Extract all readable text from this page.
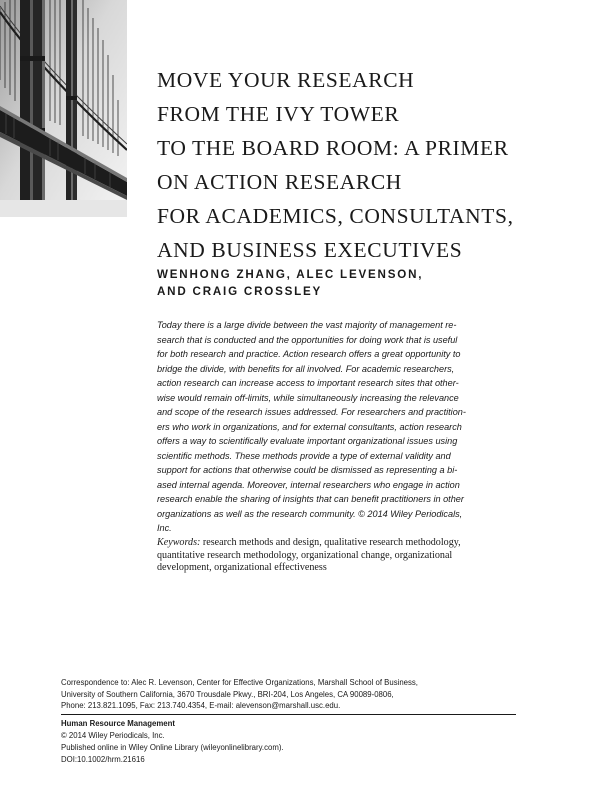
MOVE YOUR RESEARCH
FROM THE IVY TOWER
TO THE BOARD ROOM: A PRIMER
ON ACTION RESEARCH
FOR ACADEMICS, CONSULTANTS,
AND BUSINESS EXECUTIVES
WENHONG ZHANG, ALEC LEVENSON,
AND CRAIG CROSSLEY

Today there is a large divide between the vast majority of management re-
search that is conducted and the opportunities for doing work that is useful
for both research and practice. Action research offers a great opportunity to
bridge the divide, with benefits for all involved. For academic researchers,
action research can increase access to important research sites that other-
wise would remain off-limits, while simultaneously increasing the relevance
and scope of the research issues addressed. For researchers and practition-
ers who work in organizations, and for external consultants, action research
offers a way to scientifically evaluate important organizational issues using
scientific methods. These methods provide a type of external validity and
support for actions that otherwise could be dismissed as representing a bi-
ased internal agenda. Moreover, internal researchers who engage in action
research enable the sharing of insights that can benefit practitioners in other
organizations as well as the research community. © 2014 Wiley Periodicals,
Inc.

Keywords: research methods and design, qualitative research methodology,
quantitative research methodology, organizational change, organizational
development, organizational effectiveness

Correspondence to: Alec R. Levenson, Center for Effective Organizations, Marshall School of Business,
University of Southern California, 3670 Trousdale Pkwy., BRI-204, Los Angeles, CA 90089-0806,
Phone: 213.821.1095, Fax: 213.740.4354, E-mail: alevenson@marshall.usc.edu.
Human Resource Management
© 2014 Wiley Periodicals, Inc.
Published online in Wiley Online Library (wileyonlinelibrary.com).
DOI:10.1002/hrm.21616
